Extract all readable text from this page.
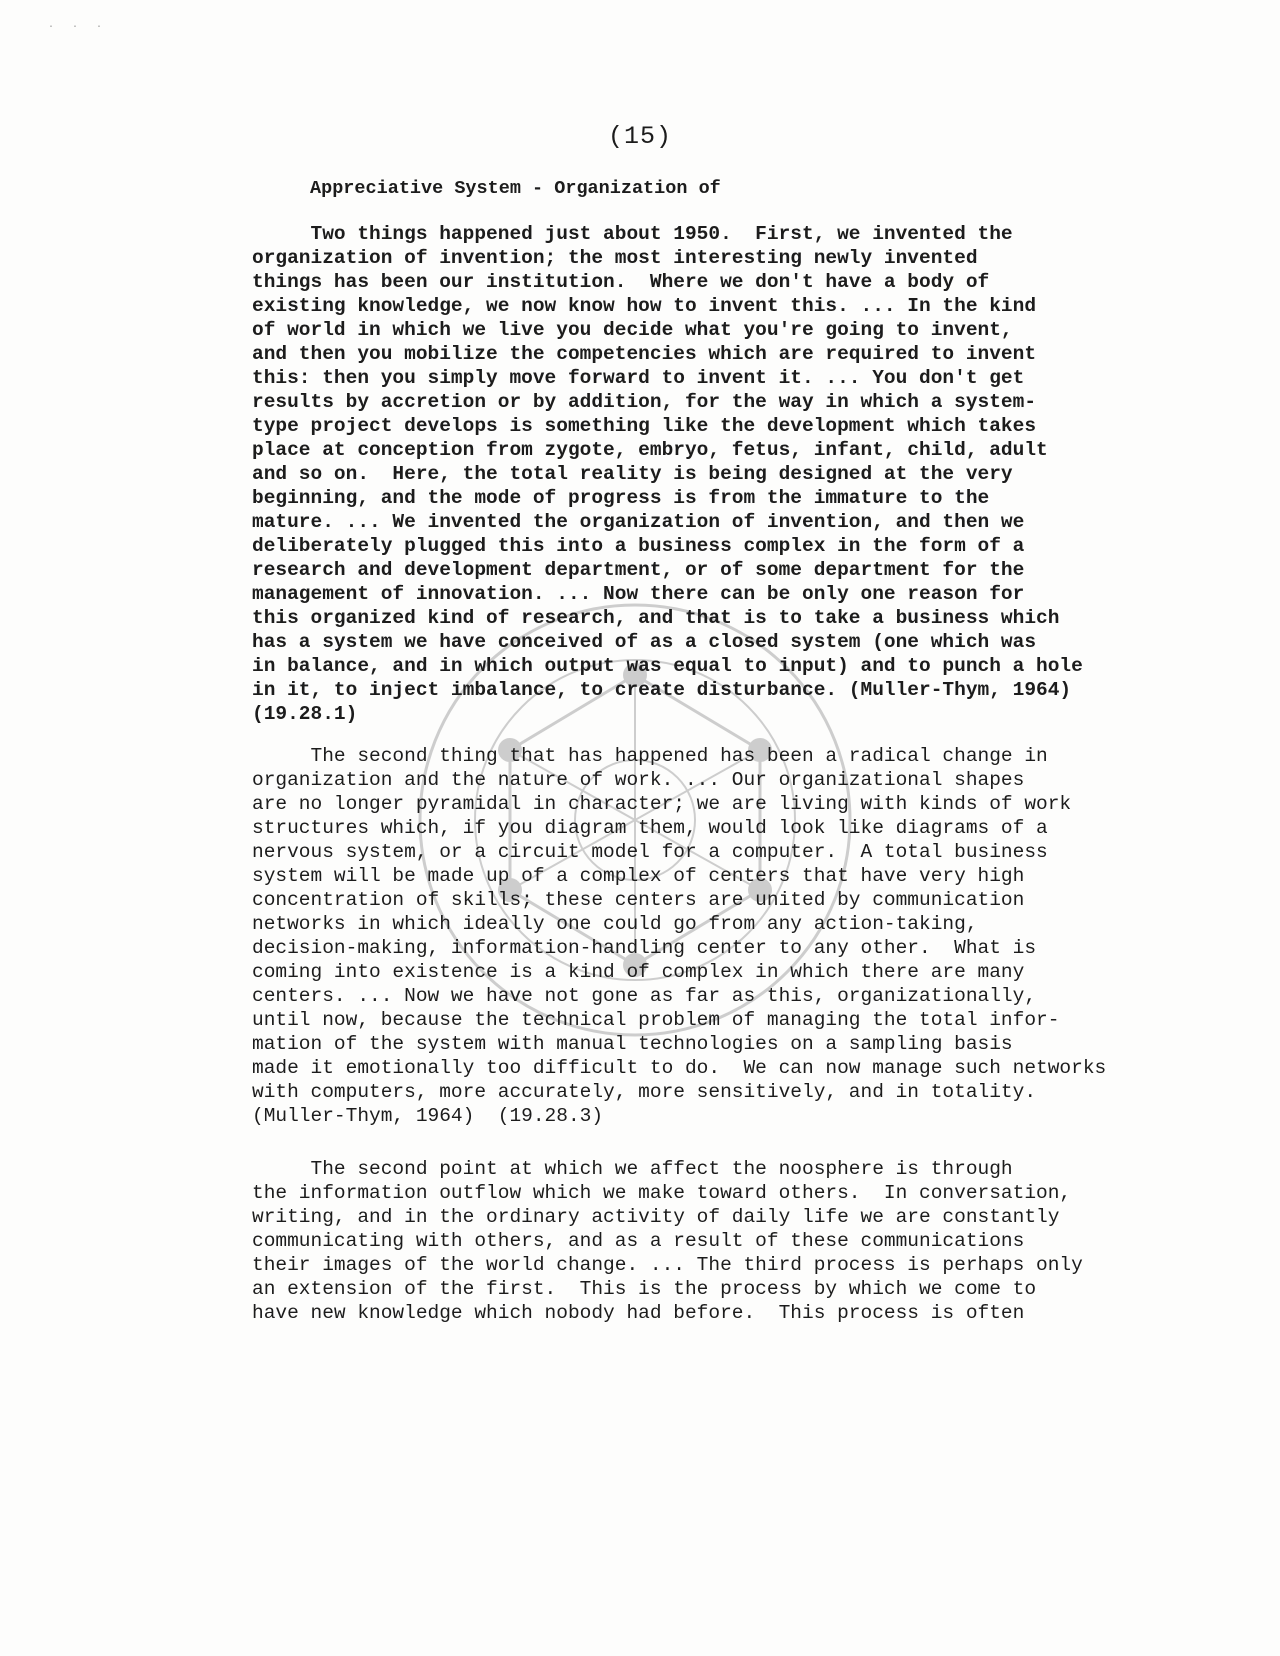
· · ·
(15)
Appreciative System - Organization of
Two things happened just about 1950.  First, we invented the
organization of invention; the most interesting newly invented
things has been our institution.  Where we don't have a body of
existing knowledge, we now know how to invent this. ... In the kind
of world in which we live you decide what you're going to invent,
and then you mobilize the competencies which are required to invent
this: then you simply move forward to invent it. ... You don't get
results by accretion or by addition, for the way in which a system-
type project develops is something like the development which takes
place at conception from zygote, embryo, fetus, infant, child, adult
and so on.  Here, the total reality is being designed at the very
beginning, and the mode of progress is from the immature to the
mature. ... We invented the organization of invention, and then we
deliberately plugged this into a business complex in the form of a
research and development department, or of some department for the
management of innovation. ... Now there can be only one reason for
this organized kind of research, and that is to take a business which
has a system we have conceived of as a closed system (one which was
in balance, and in which output was equal to input) and to punch a hole
in it, to inject imbalance, to create disturbance. (Muller-Thym, 1964)
(19.28.1)
The second thing that has happened has been a radical change in
organization and the nature of work. ... Our organizational shapes
are no longer pyramidal in character; we are living with kinds of work
structures which, if you diagram them, would look like diagrams of a
nervous system, or a circuit model for a computer.  A total business
system will be made up of a complex of centers that have very high
concentration of skills; these centers are united by communication
networks in which ideally one could go from any action-taking,
decision-making, information-handling center to any other.  What is
coming into existence is a kind of complex in which there are many
centers. ... Now we have not gone as far as this, organizationally,
until now, because the technical problem of managing the total infor-
mation of the system with manual technologies on a sampling basis
made it emotionally too difficult to do.  We can now manage such networks
with computers, more accurately, more sensitively, and in totality.
(Muller-Thym, 1964)  (19.28.3)
The second point at which we affect the noosphere is through
the information outflow which we make toward others.  In conversation,
writing, and in the ordinary activity of daily life we are constantly
communicating with others, and as a result of these communications
their images of the world change. ... The third process is perhaps only
an extension of the first.  This is the process by which we come to
have new knowledge which nobody had before.  This process is often
